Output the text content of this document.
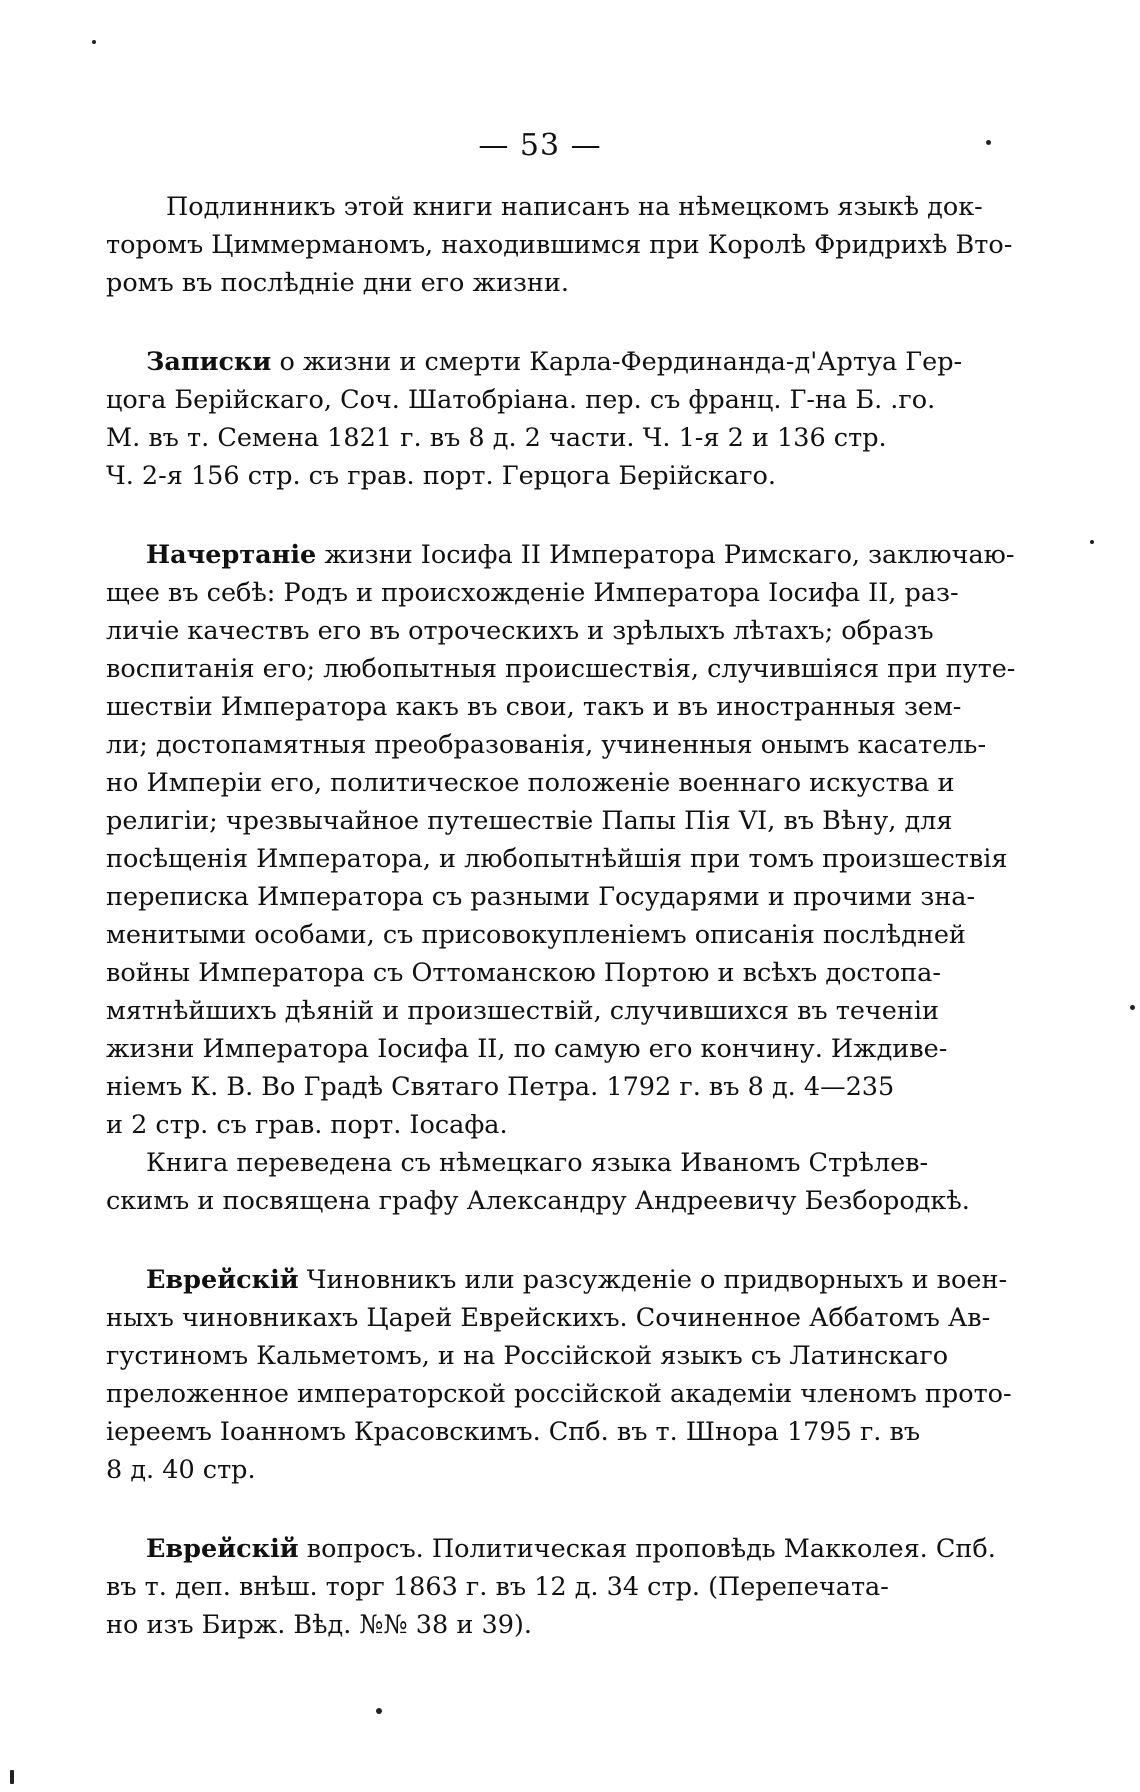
— 53 —
Подлинникъ этой книги написанъ на нѣмецкомъ языкѣ док-
торомъ Циммерманомъ, находившимся при Королѣ Фридрихѣ Вто-
ромъ въ послѣдніе дни его жизни.
Записки о жизни и смерти Карла-Фердинанда-д'Артуа Гер-
цога Берійскаго, Соч. Шатобріана. пер. съ франц. Г-на Б. .го.
М. въ т. Семена 1821 г. въ 8 д. 2 части. Ч. 1-я 2 и 136 стр.
Ч. 2-я 156 стр. съ грав. порт. Герцога Берійскаго.
Начертаніе жизни Іосифа II Императора Римскаго, заключаю-
щее въ себѣ: Родъ и происхожденіе Императора Іосифа II, раз-
личіе качествъ его въ отроческихъ и зрѣлыхъ лѣтахъ; образъ
воспитанія его; любопытныя происшествія, случившіяся при путе-
шествіи Императора какъ въ свои, такъ и въ иностранныя зем-
ли; достопамятныя преобразованія, учиненныя онымъ касатель-
но Имперіи его, политическое положеніе военнаго искуства и
религіи; чрезвычайное путешествіе Папы Пія VI, въ Вѣну, для
посѣщенія Императора, и любопытнѣйшія при томъ произшествія
переписка Императора съ разными Государями и прочими зна-
менитыми особами, съ присовокупленіемъ описанія послѣдней
войны Императора съ Оттоманскою Портою и всѣхъ достопа-
мятнѣйшихъ дѣяній и произшествій, случившихся въ теченіи
жизни Императора Іосифа II, по самую его кончину. Иждиве-
ніемъ К. В. Во Градѣ Святаго Петра. 1792 г. въ 8 д. 4—235
и 2 стр. съ грав. порт. Іосафа.
Книга переведена съ нѣмецкаго языка Иваномъ Стрѣлев-
скимъ и посвящена графу Александру Андреевичу Безбородкѣ.
Еврейскій Чиновникъ или разсужденіе о придворныхъ и воен-
ныхъ чиновникахъ Царей Еврейскихъ. Сочиненное Аббатомъ Ав-
густиномъ Кальметомъ, и на Россійской языкъ съ Латинскаго
преложенное императорской россійской академіи членомъ прото-
іереемъ Іоанномъ Красовскимъ. Спб. въ т. Шнора 1795 г. въ
8 д. 40 стр.
Еврейскій вопросъ. Политическая проповѣдь Макколея. Спб.
въ т. деп. внѣш. торг 1863 г. въ 12 д. 34 стр. (Перепечата-
но изъ Бирж. Вѣд. №№ 38 и 39).
